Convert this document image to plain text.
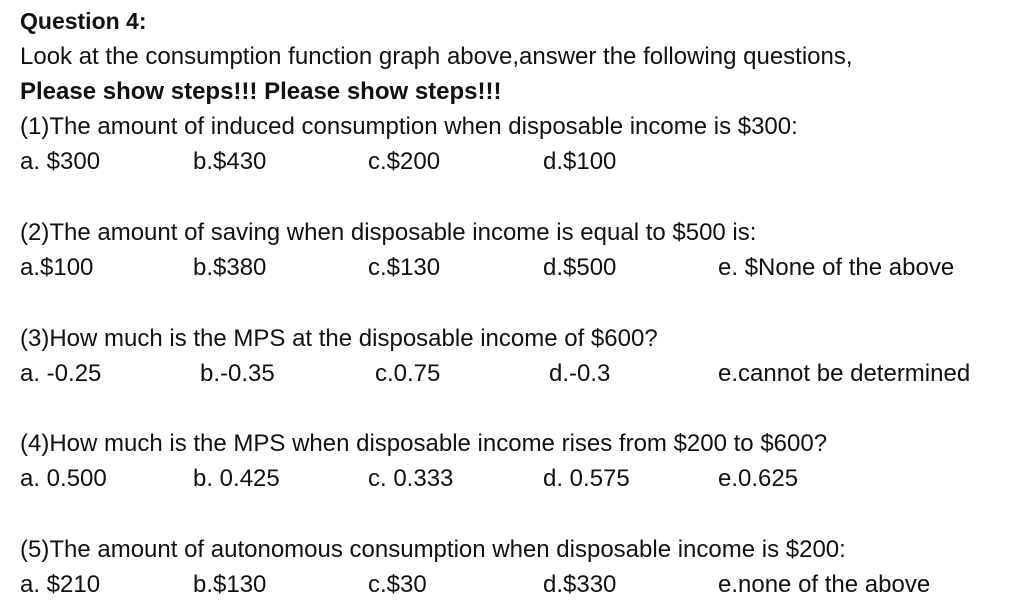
Question 4:
Look at the consumption function graph above,answer the following questions,
Please show steps!!! Please show steps!!!
(1)The amount of induced consumption when disposable income is $300:
a. $300	b.$430	c.$200	d.$100
(2)The amount of saving when disposable income is equal to $500 is:
a.$100	b.$380	c.$130	d.$500	e. $None of the above
(3)How much is the MPS at the disposable income of $600?
a. -0.25	b.-0.35	c.0.75	d.-0.3	e.cannot be determined
(4)How much is the MPS when disposable income rises from $200 to $600?
a. 0.500	b. 0.425	c. 0.333	d. 0.575	e.0.625
(5)The amount of autonomous consumption when disposable income is $200:
a. $210	b.$130	c.$30	d.$330	e.none of the above
